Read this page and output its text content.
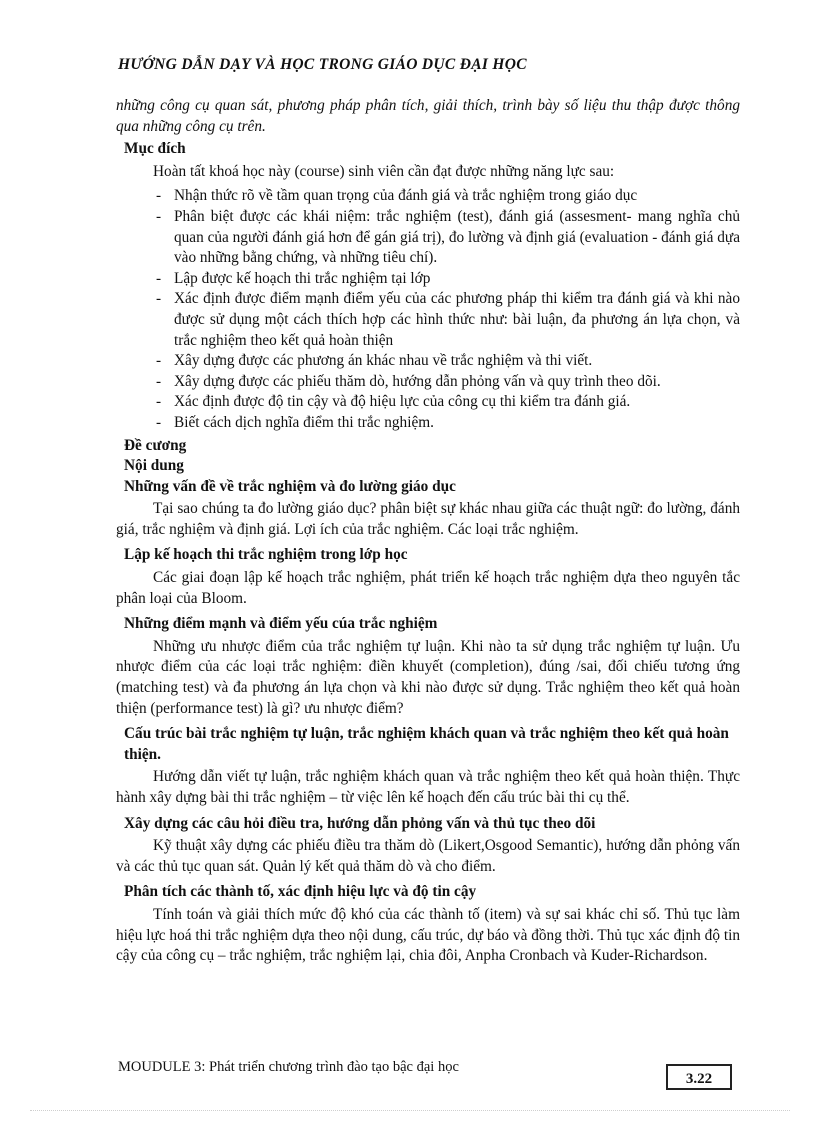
HƯỚNG DẪN DẠY VÀ HỌC TRONG GIÁO DỤC ĐẠI HỌC
những công cụ quan sát, phương pháp phân tích, giải thích, trình bày số liệu thu thập được thông qua những công cụ trên.
Mục đích
Hoàn tất khoá học này (course) sinh viên cần đạt được những năng lực sau:
- Nhận thức rõ về tầm quan trọng của đánh giá và trắc nghiệm trong giáo dục
- Phân biệt được các khái niệm: trắc nghiệm (test), đánh giá (assesment- mang nghĩa chủ quan của người đánh giá hơn để gán giá trị), đo lường và định giá (evaluation - đánh giá dựa vào những bằng chứng, và những tiêu chí).
- Lập được kế hoạch thi trắc nghiệm tại lớp
- Xác định được điểm mạnh điểm yếu của các phương pháp thi kiểm tra đánh giá và khi nào được sử dụng một cách thích hợp các hình thức như: bài luận, đa phương án lựa chọn, và trắc nghiệm theo kết quả hoàn thiện
- Xây dựng được các phương án khác nhau về trắc nghiệm và thi viết.
- Xây dựng được các phiếu thăm dò, hướng dẫn phỏng vấn và quy trình theo dõi.
- Xác định được độ tin cậy và độ hiệu lực của công cụ thi kiểm tra đánh giá.
- Biết cách dịch nghĩa điểm thi trắc nghiệm.
Đề cương
Nội dung
Những vấn đề về trắc nghiệm và đo lường giáo dục
Tại sao chúng ta đo lường giáo dục? phân biệt sự khác nhau giữa các thuật ngữ: đo lường, đánh giá, trắc nghiệm và định giá. Lợi ích của trắc nghiệm. Các loại trắc nghiệm.
Lập kế hoạch thi trắc nghiệm trong lớp học
Các giai đoạn lập kế hoạch trắc nghiệm, phát triển kế hoạch trắc nghiệm dựa theo nguyên tắc phân loại của Bloom.
Những điểm mạnh và điểm yếu cúa trắc nghiệm
Những ưu nhược điểm của trắc nghiệm tự luận. Khi nào ta sử dụng trắc nghiệm tự luận. Ưu nhược điểm của các loại trắc nghiệm: điền khuyết (completion), đúng /sai, đối chiếu tương ứng (matching test) và đa phương án lựa chọn và khi nào được sử dụng. Trắc nghiệm theo kết quả hoàn thiện (performance test) là gì? ưu nhược điểm?
Cấu trúc bài trắc nghiệm tự luận, trắc nghiệm khách quan và trắc nghiệm theo kết quả hoàn thiện.
Hướng dẫn viết tự luận, trắc nghiệm khách quan và trắc nghiệm theo kết quả hoàn thiện. Thực hành xây dựng bài thi trắc nghiệm – từ việc lên kế hoạch đến cấu trúc bài thi cụ thể.
Xây dựng các câu hỏi điều tra, hướng dẫn phỏng vấn và thủ tục theo dõi
Kỹ thuật xây dựng các phiếu điều tra thăm dò (Likert,Osgood Semantic), hướng dẫn phỏng vấn và các thủ tục quan sát. Quản lý kết quả thăm dò và cho điểm.
Phân tích các thành tố, xác định hiệu lực và độ tin cậy
Tính toán và giải thích mức độ khó của các thành tố (item) và sự sai khác chỉ số. Thủ tục làm hiệu lực hoá thi trắc nghiệm dựa theo nội dung, cấu trúc, dự báo và đồng thời. Thủ tục xác định độ tin cậy của công cụ – trắc nghiệm, trắc nghiệm lại, chia đôi, Anpha Cronbach và Kuder-Richardson.
MOUDULE 3: Phát triển chương trình đào tạo bậc đại học
3.22
